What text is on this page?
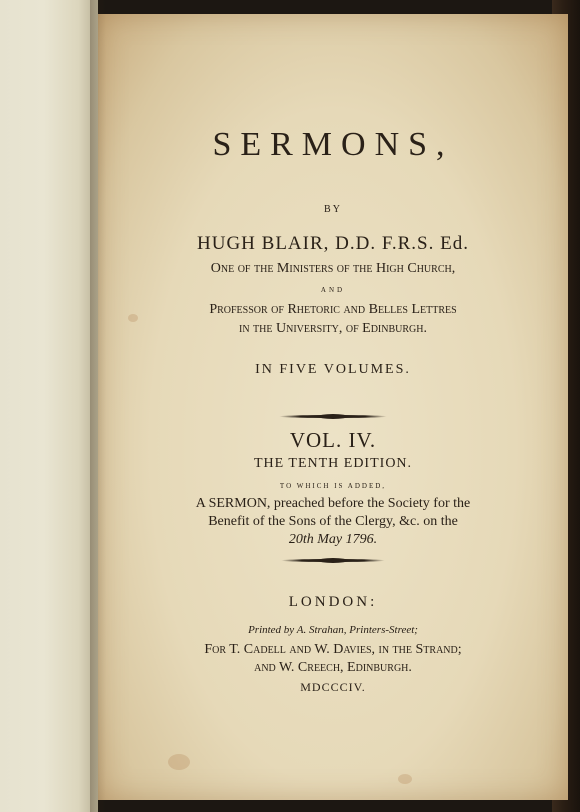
SERMONS,
BY
HUGH BLAIR, D.D. F.R.S. Ed.
One of the Ministers of the High Church,
AND
Professor of Rhetoric and Belles Lettres
in the University, of Edinburgh.
IN FIVE VOLUMES.
VOL. IV.
THE TENTH EDITION.
TO WHICH IS ADDED,
A SERMON, preached before the Society for the
Benefit of the Sons of the Clergy, &c. on the
20th May 1796.
LONDON:
Printed by A. Strahan, Printers-Street;
For T. Cadell and W. Davies, in the Strand;
and W. Creech, Edinburgh.
MDCCCIV.
